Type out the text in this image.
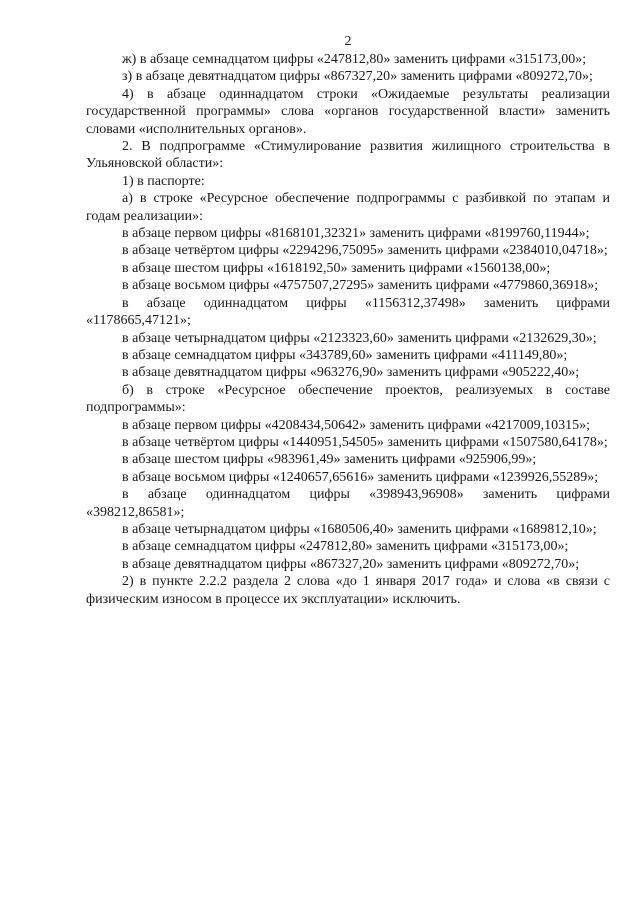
2

ж) в абзаце семнадцатом цифры «247812,80» заменить цифрами «315173,00»;

з) в абзаце девятнадцатом цифры «867327,20» заменить цифрами «809272,70»;

4) в абзаце одиннадцатом строки «Ожидаемые результаты реализации государственной программы» слова «органов государственной власти» заменить словами «исполнительных органов».

2. В подпрограмме «Стимулирование развития жилищного строительства в Ульяновской области»:

1) в паспорте:

а) в строке «Ресурсное обеспечение подпрограммы с разбивкой по этапам и годам реализации»:

в абзаце первом цифры «8168101,32321» заменить цифрами «8199760,11944»;

в абзаце четвёртом цифры «2294296,75095» заменить цифрами «2384010,04718»;

в абзаце шестом цифры «1618192,50» заменить цифрами «1560138,00»;

в абзаце восьмом цифры «4757507,27295» заменить цифрами «4779860,36918»;

в абзаце одиннадцатом цифры «1156312,37498» заменить цифрами «1178665,47121»;

в абзаце четырнадцатом цифры «2123323,60» заменить цифрами «2132629,30»;

в абзаце семнадцатом цифры «343789,60» заменить цифрами «411149,80»;

в абзаце девятнадцатом цифры «963276,90» заменить цифрами «905222,40»;

б) в строке «Ресурсное обеспечение проектов, реализуемых в составе подпрограммы»:

в абзаце первом цифры «4208434,50642» заменить цифрами «4217009,10315»;

в абзаце четвёртом цифры «1440951,54505» заменить цифрами «1507580,64178»;

в абзаце шестом цифры «983961,49» заменить цифрами «925906,99»;

в абзаце восьмом цифры «1240657,65616» заменить цифрами «1239926,55289»;

в абзаце одиннадцатом цифры «398943,96908» заменить цифрами «398212,86581»;

в абзаце четырнадцатом цифры «1680506,40» заменить цифрами «1689812,10»;

в абзаце семнадцатом цифры «247812,80» заменить цифрами «315173,00»;

в абзаце девятнадцатом цифры «867327,20» заменить цифрами «809272,70»;

2) в пункте 2.2.2 раздела 2 слова «до 1 января 2017 года» и слова «в связи с физическим износом в процессе их эксплуатации» исключить.
